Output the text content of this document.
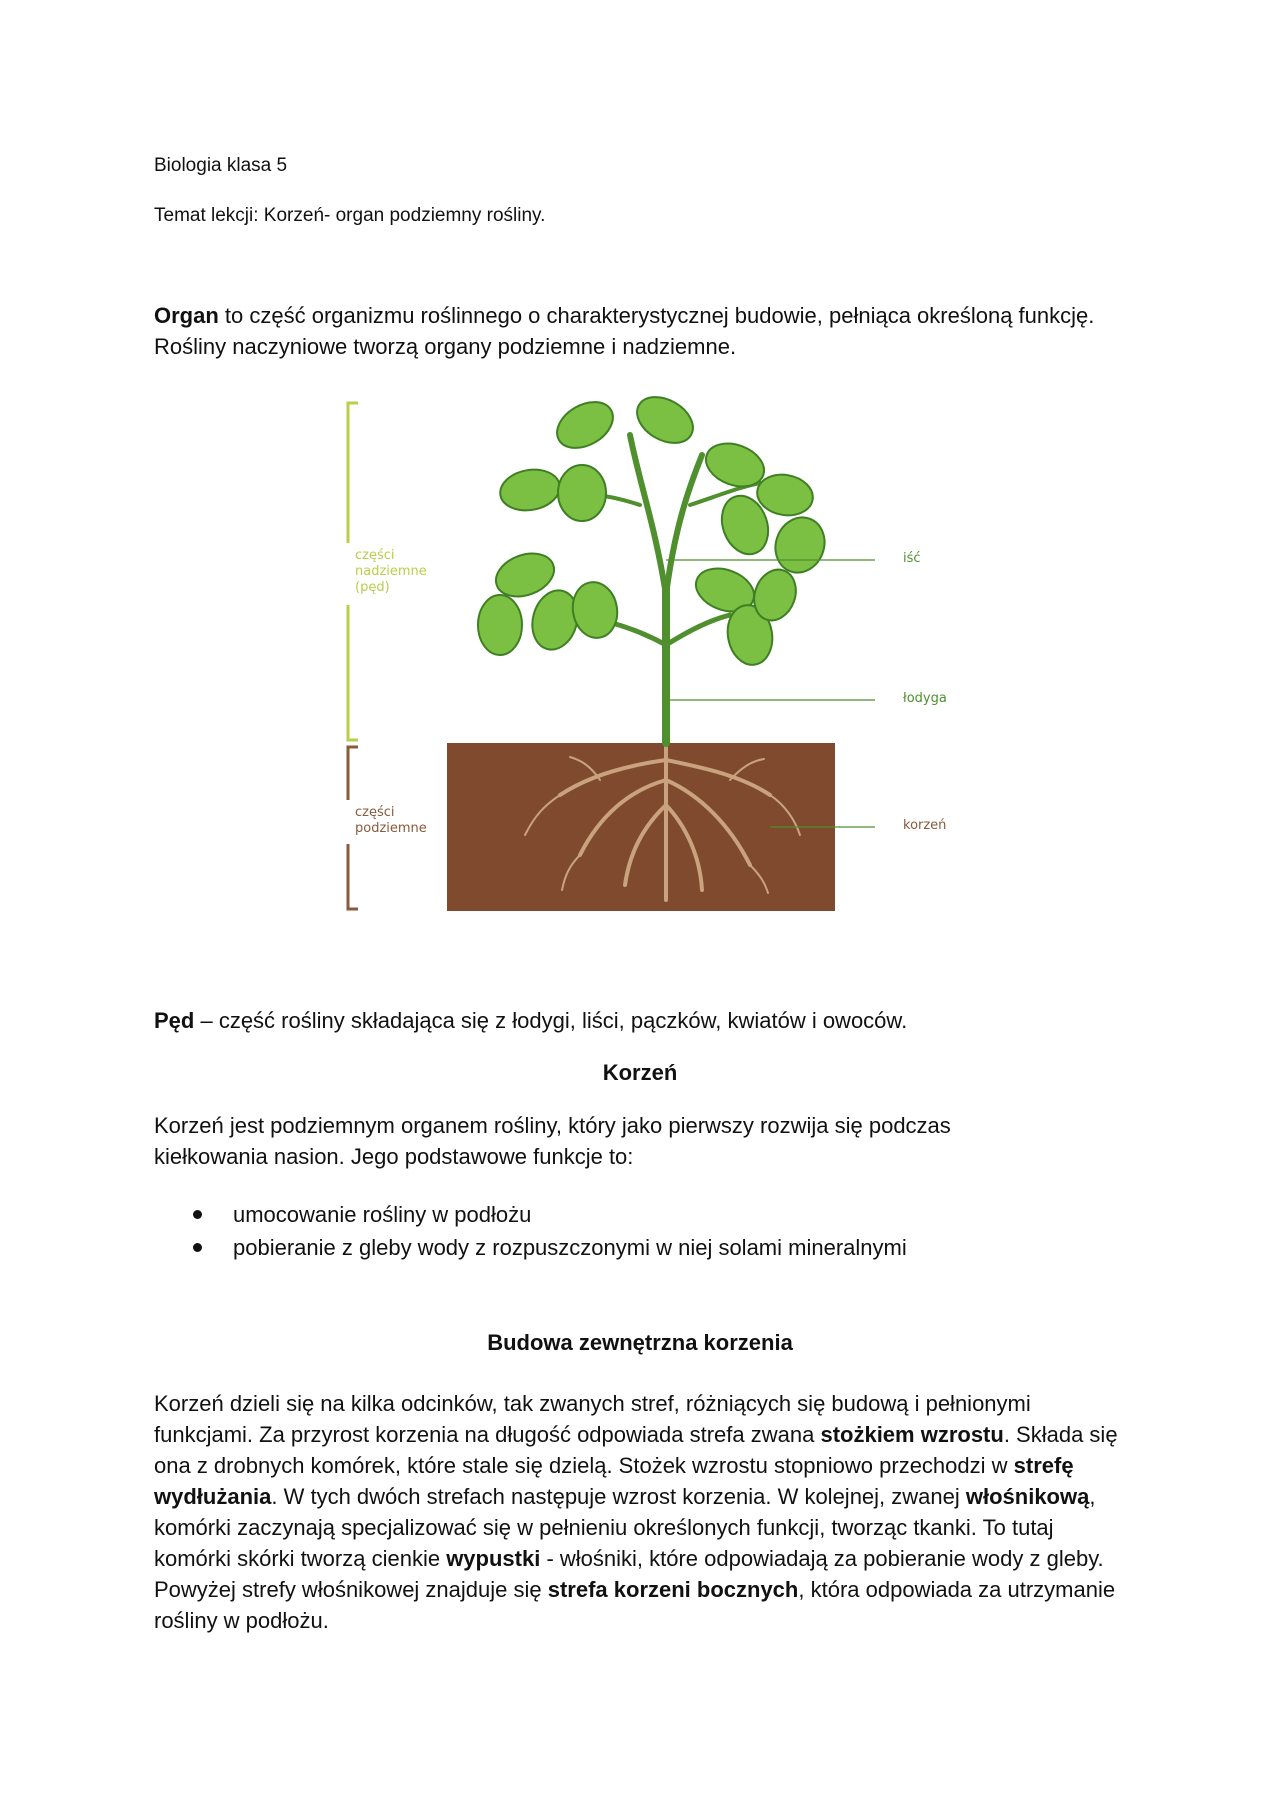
Biologia klasa 5

Temat lekcji: Korzeń- organ podziemny rośliny.

Organ to część organizmu roślinnego o charakterystycznej budowie, pełniąca określoną funkcję. Rośliny naczyniowe tworzą organy podziemne i nadziemne.

części
nadziemne
(pęd)
części
podziemne
iść
łodyga
korzeń

Pęd – część rośliny składająca się z łodygi, liści, pączków, kwiatów i owoców.

Korzeń

Korzeń jest podziemnym organem rośliny, który jako pierwszy rozwija się podczas kiełkowania nasion. Jego podstawowe funkcje to:

umocowanie rośliny w podłożu
pobieranie z gleby wody z rozpuszczonymi w niej solami mineralnymi
Budowa zewnętrzna korzenia

Korzeń dzieli się na kilka odcinków, tak zwanych stref, różniących się budową i pełnionymi funkcjami. Za przyrost korzenia na długość odpowiada strefa zwana stożkiem wzrostu. Składa się ona z drobnych komórek, które stale się dzielą. Stożek wzrostu stopniowo przechodzi w strefę wydłużania. W tych dwóch strefach następuje wzrost korzenia. W kolejnej, zwanej włośnikową, komórki zaczynają specjalizować się w pełnieniu określonych funkcji, tworząc tkanki. To tutaj komórki skórki tworzą cienkie wypustki - włośniki, które odpowiadają za pobieranie wody z gleby. Powyżej strefy włośnikowej znajduje się strefa korzeni bocznych, która odpowiada za utrzymanie rośliny w podłożu.
